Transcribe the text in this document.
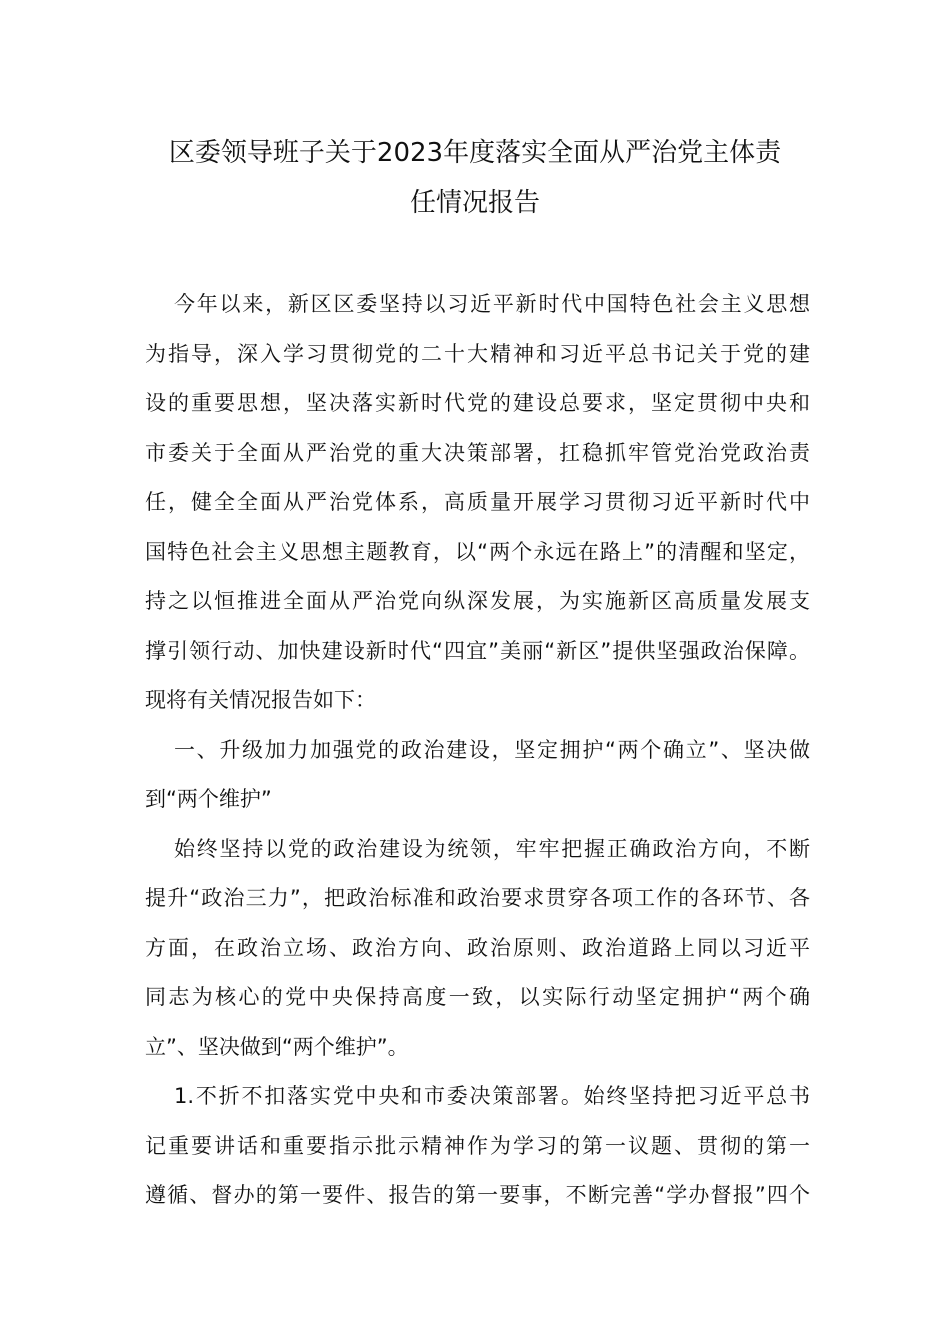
区委领导班子关于2023年度落实全面从严治党主体责
任情况报告
今年以来，新区区委坚持以习近平新时代中国特色社会主义思想
为指导，深入学习贯彻党的二十大精神和习近平总书记关于党的建
设的重要思想，坚决落实新时代党的建设总要求，坚定贯彻中央和
市委关于全面从严治党的重大决策部署，扛稳抓牢管党治党政治责
任，健全全面从严治党体系，高质量开展学习贯彻习近平新时代中
国特色社会主义思想主题教育，以“两个永远在路上”的清醒和坚定，
持之以恒推进全面从严治党向纵深发展，为实施新区高质量发展支
撑引领行动、加快建设新时代“四宜”美丽“新区”提供坚强政治保障。
现将有关情况报告如下：
一、升级加力加强党的政治建设，坚定拥护“两个确立”、坚决做
到“两个维护”
始终坚持以党的政治建设为统领，牢牢把握正确政治方向，不断
提升“政治三力”，把政治标准和政治要求贯穿各项工作的各环节、各
方面，在政治立场、政治方向、政治原则、政治道路上同以习近平
同志为核心的党中央保持高度一致，以实际行动坚定拥护“两个确
立”、坚决做到“两个维护”。
1.不折不扣落实党中央和市委决策部署。始终坚持把习近平总书
记重要讲话和重要指示批示精神作为学习的第一议题、贯彻的第一
遵循、督办的第一要件、报告的第一要事，不断完善“学办督报”四个
